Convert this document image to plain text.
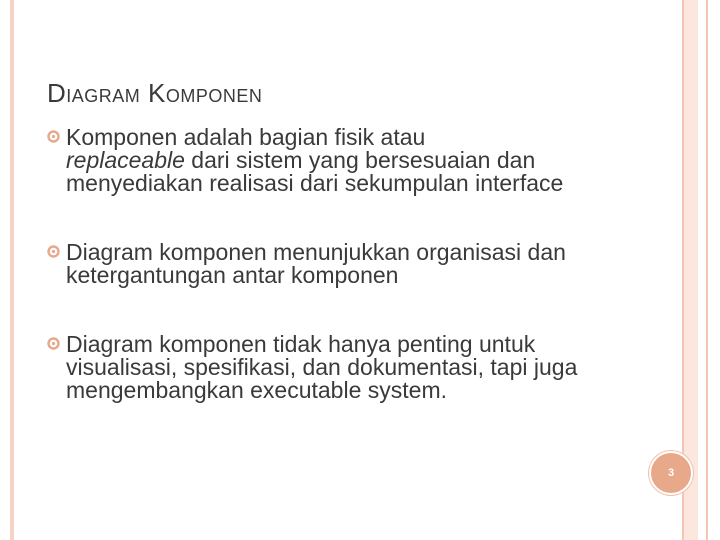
Diagram Komponen
Komponen adalah bagian fisik atau
replaceable dari sistem yang bersesuaian dan menyediakan realisasi dari sekumpulan interface
Diagram komponen menunjukkan organisasi dan ketergantungan antar komponen
Diagram komponen tidak hanya penting untuk visualisasi, spesifikasi, dan dokumentasi, tapi juga mengembangkan executable system.
3
